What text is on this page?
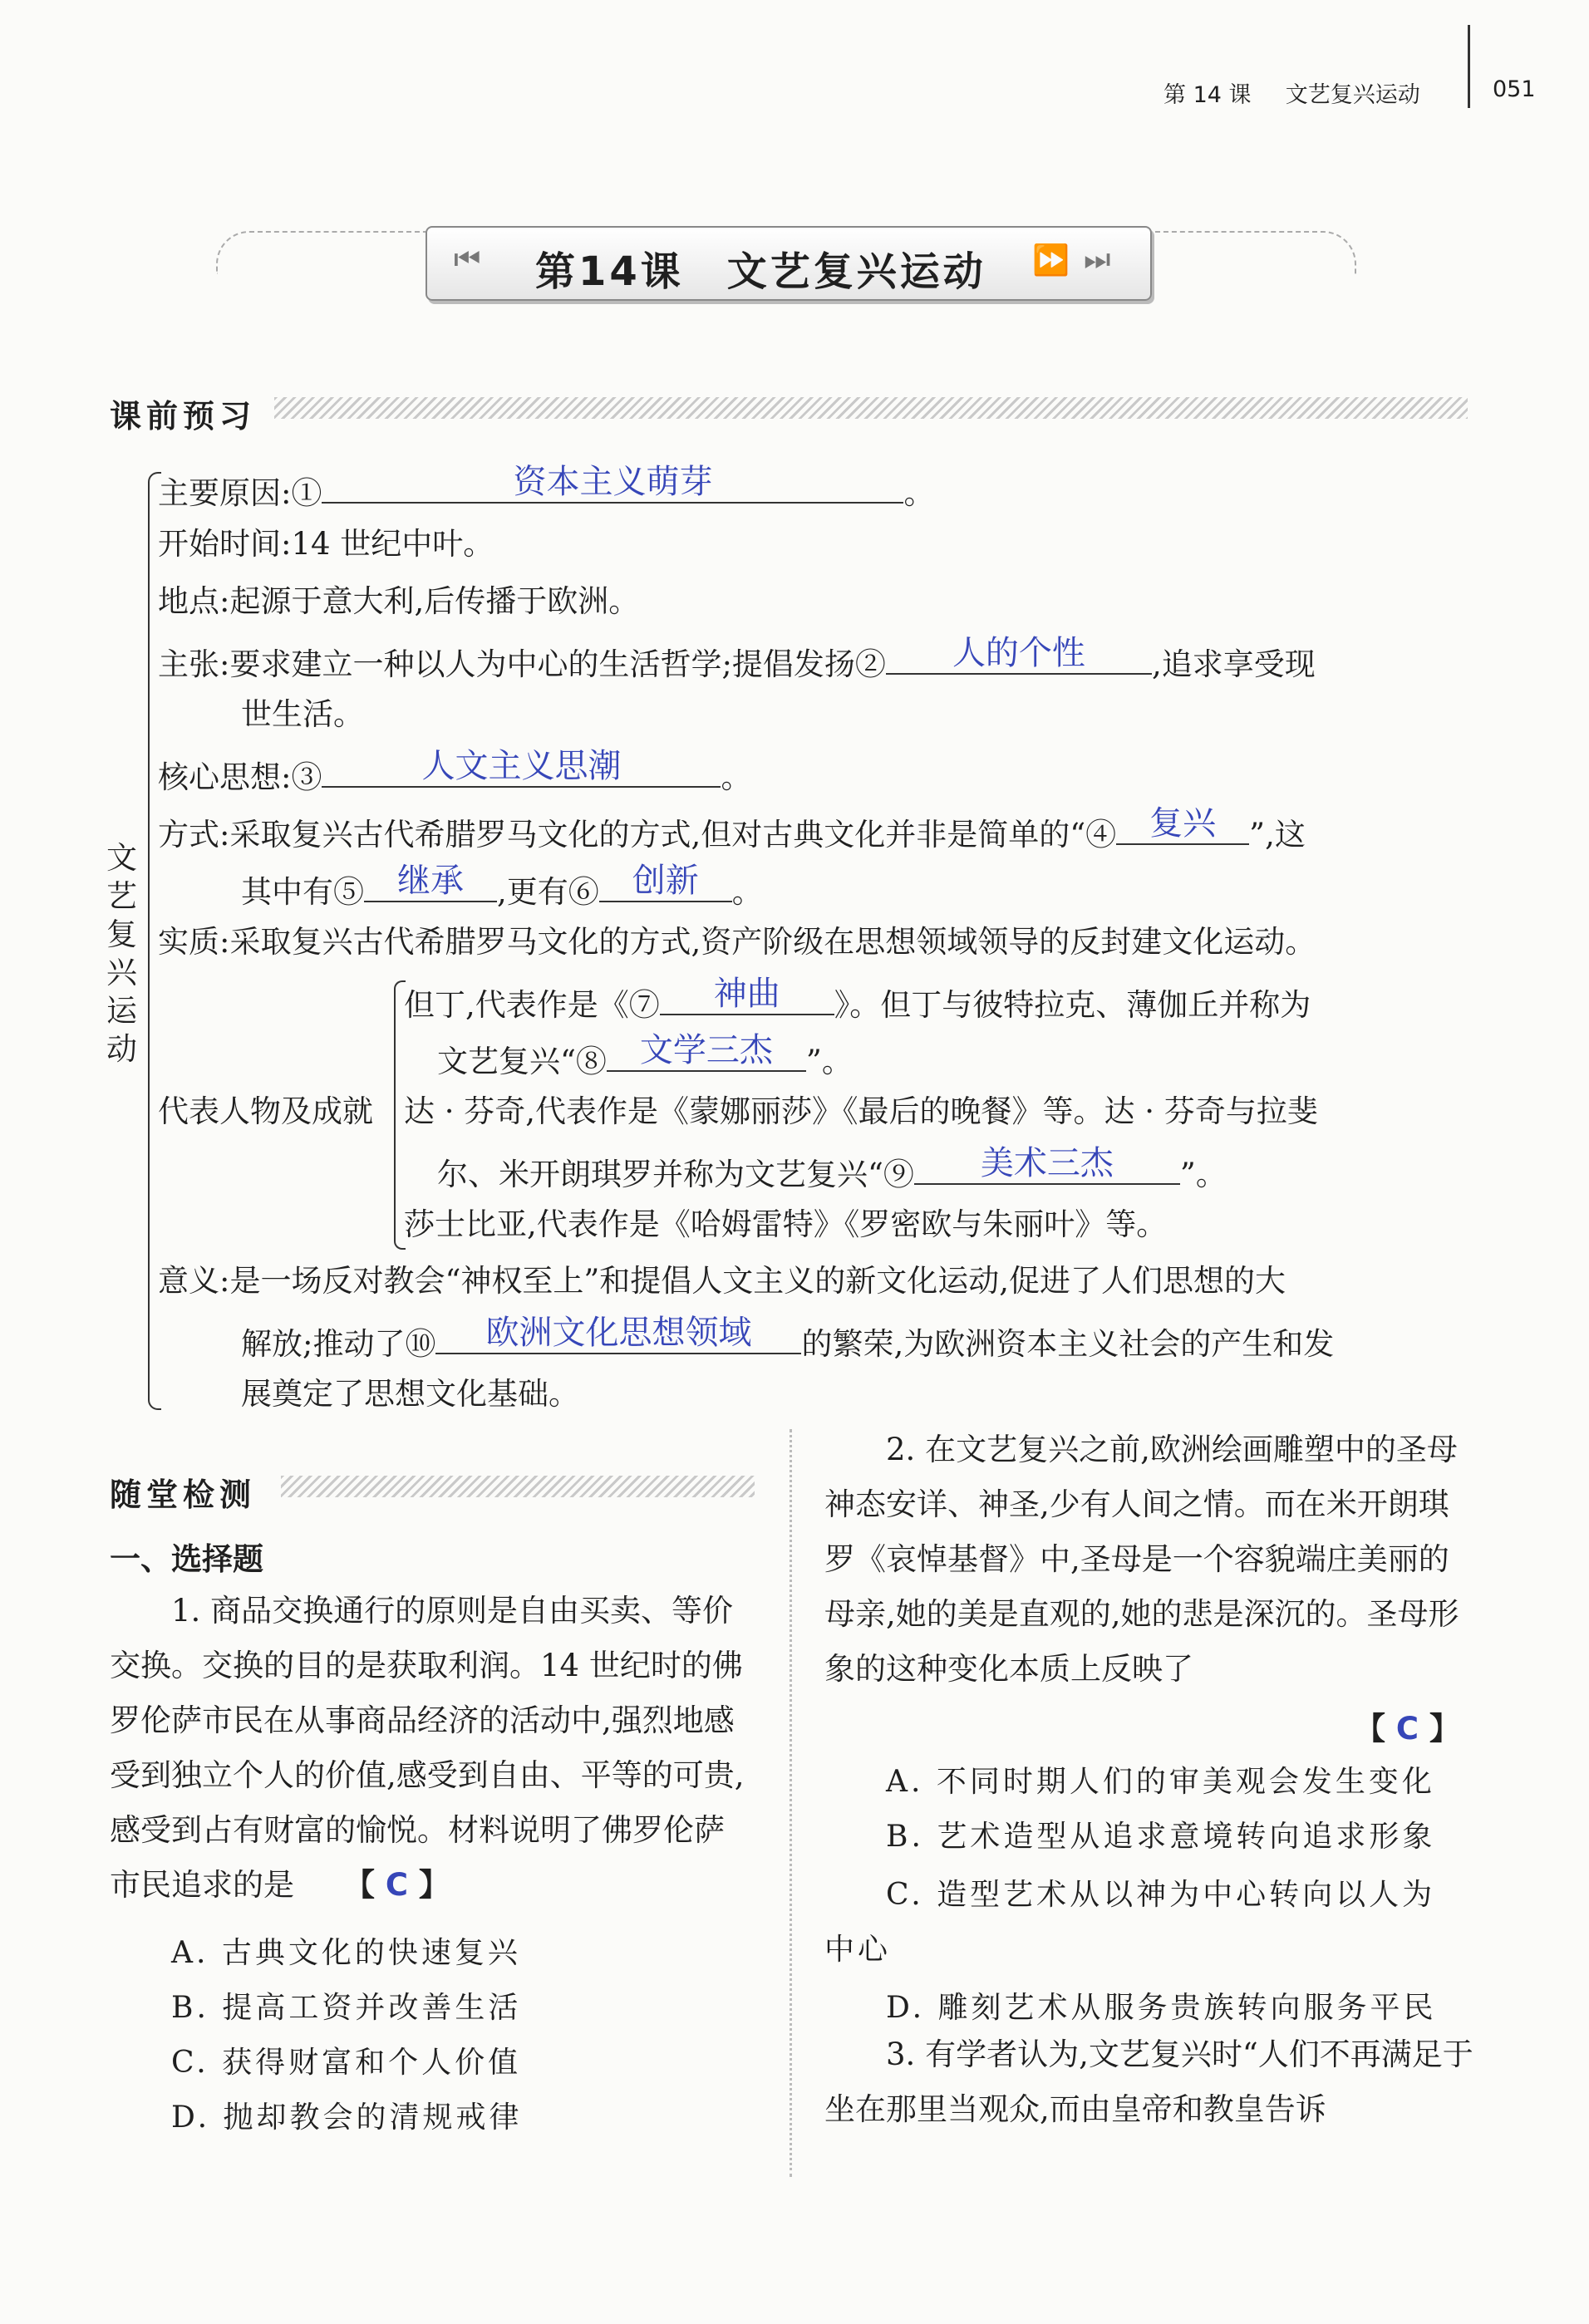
第 14 课 文艺复兴运动	051
⏮ 第14课　文艺复兴运动 ⏩ ⏭
课前预习
文艺复兴运动
主要原因:①	资本主义萌芽	。
开始时间:14 世纪中叶。
地点:起源于意大利,后传播于欧洲。
主张:要求建立一种以人为中心的生活哲学;提倡发扬②	人的个性	,追求享受现
世生活。
核心思想:③	人文主义思潮	。
方式:采取复兴古代希腊罗马文化的方式,但对古典文化并非是简单的“④	复兴	”,这
其中有⑤	继承	,更有⑥	创新	。
实质:采取复兴古代希腊罗马文化的方式,资产阶级在思想领域领导的反封建文化运动。
代表人物及成就
但丁,代表作是《⑦	神曲	》。但丁与彼特拉克、薄伽丘并称为
文艺复兴“⑧	文学三杰	”。
达 · 芬奇,代表作是《蒙娜丽莎》《最后的晚餐》等。达 · 芬奇与拉斐
尔、米开朗琪罗并称为文艺复兴“⑨	美术三杰	”。
莎士比亚,代表作是《哈姆雷特》《罗密欧与朱丽叶》等。
意义:是一场反对教会“神权至上”和提倡人文主义的新文化运动,促进了人们思想的大
解放;推动了⑩	欧洲文化思想领域	的繁荣,为欧洲资本主义社会的产生和发
展奠定了思想文化基础。
随堂检测
一、选择题
1. 商品交换通行的原则是自由买卖、等价交换。交换的目的是获取利润。14 世纪时的佛罗伦萨市民在从事商品经济的活动中,强烈地感受到独立个人的价值,感受到自由、平等的可贵,感受到占有财富的愉悦。材料说明了佛罗伦萨市民追求的是 【 C 】
A. 古典文化的快速复兴
B. 提高工资并改善生活
C. 获得财富和个人价值
D. 抛却教会的清规戒律
2. 在文艺复兴之前,欧洲绘画雕塑中的圣母神态安详、神圣,少有人间之情。而在米开朗琪罗《哀悼基督》中,圣母是一个容貌端庄美丽的母亲,她的美是直观的,她的悲是深沉的。圣母形象的这种变化本质上反映了
【 C 】
A. 不同时期人们的审美观会发生变化
B. 艺术造型从追求意境转向追求形象
C. 造型艺术从以神为中心转向以人为中心
D. 雕刻艺术从服务贵族转向服务平民
3. 有学者认为,文艺复兴时“人们不再满足于坐在那里当观众,而由皇帝和教皇告诉
